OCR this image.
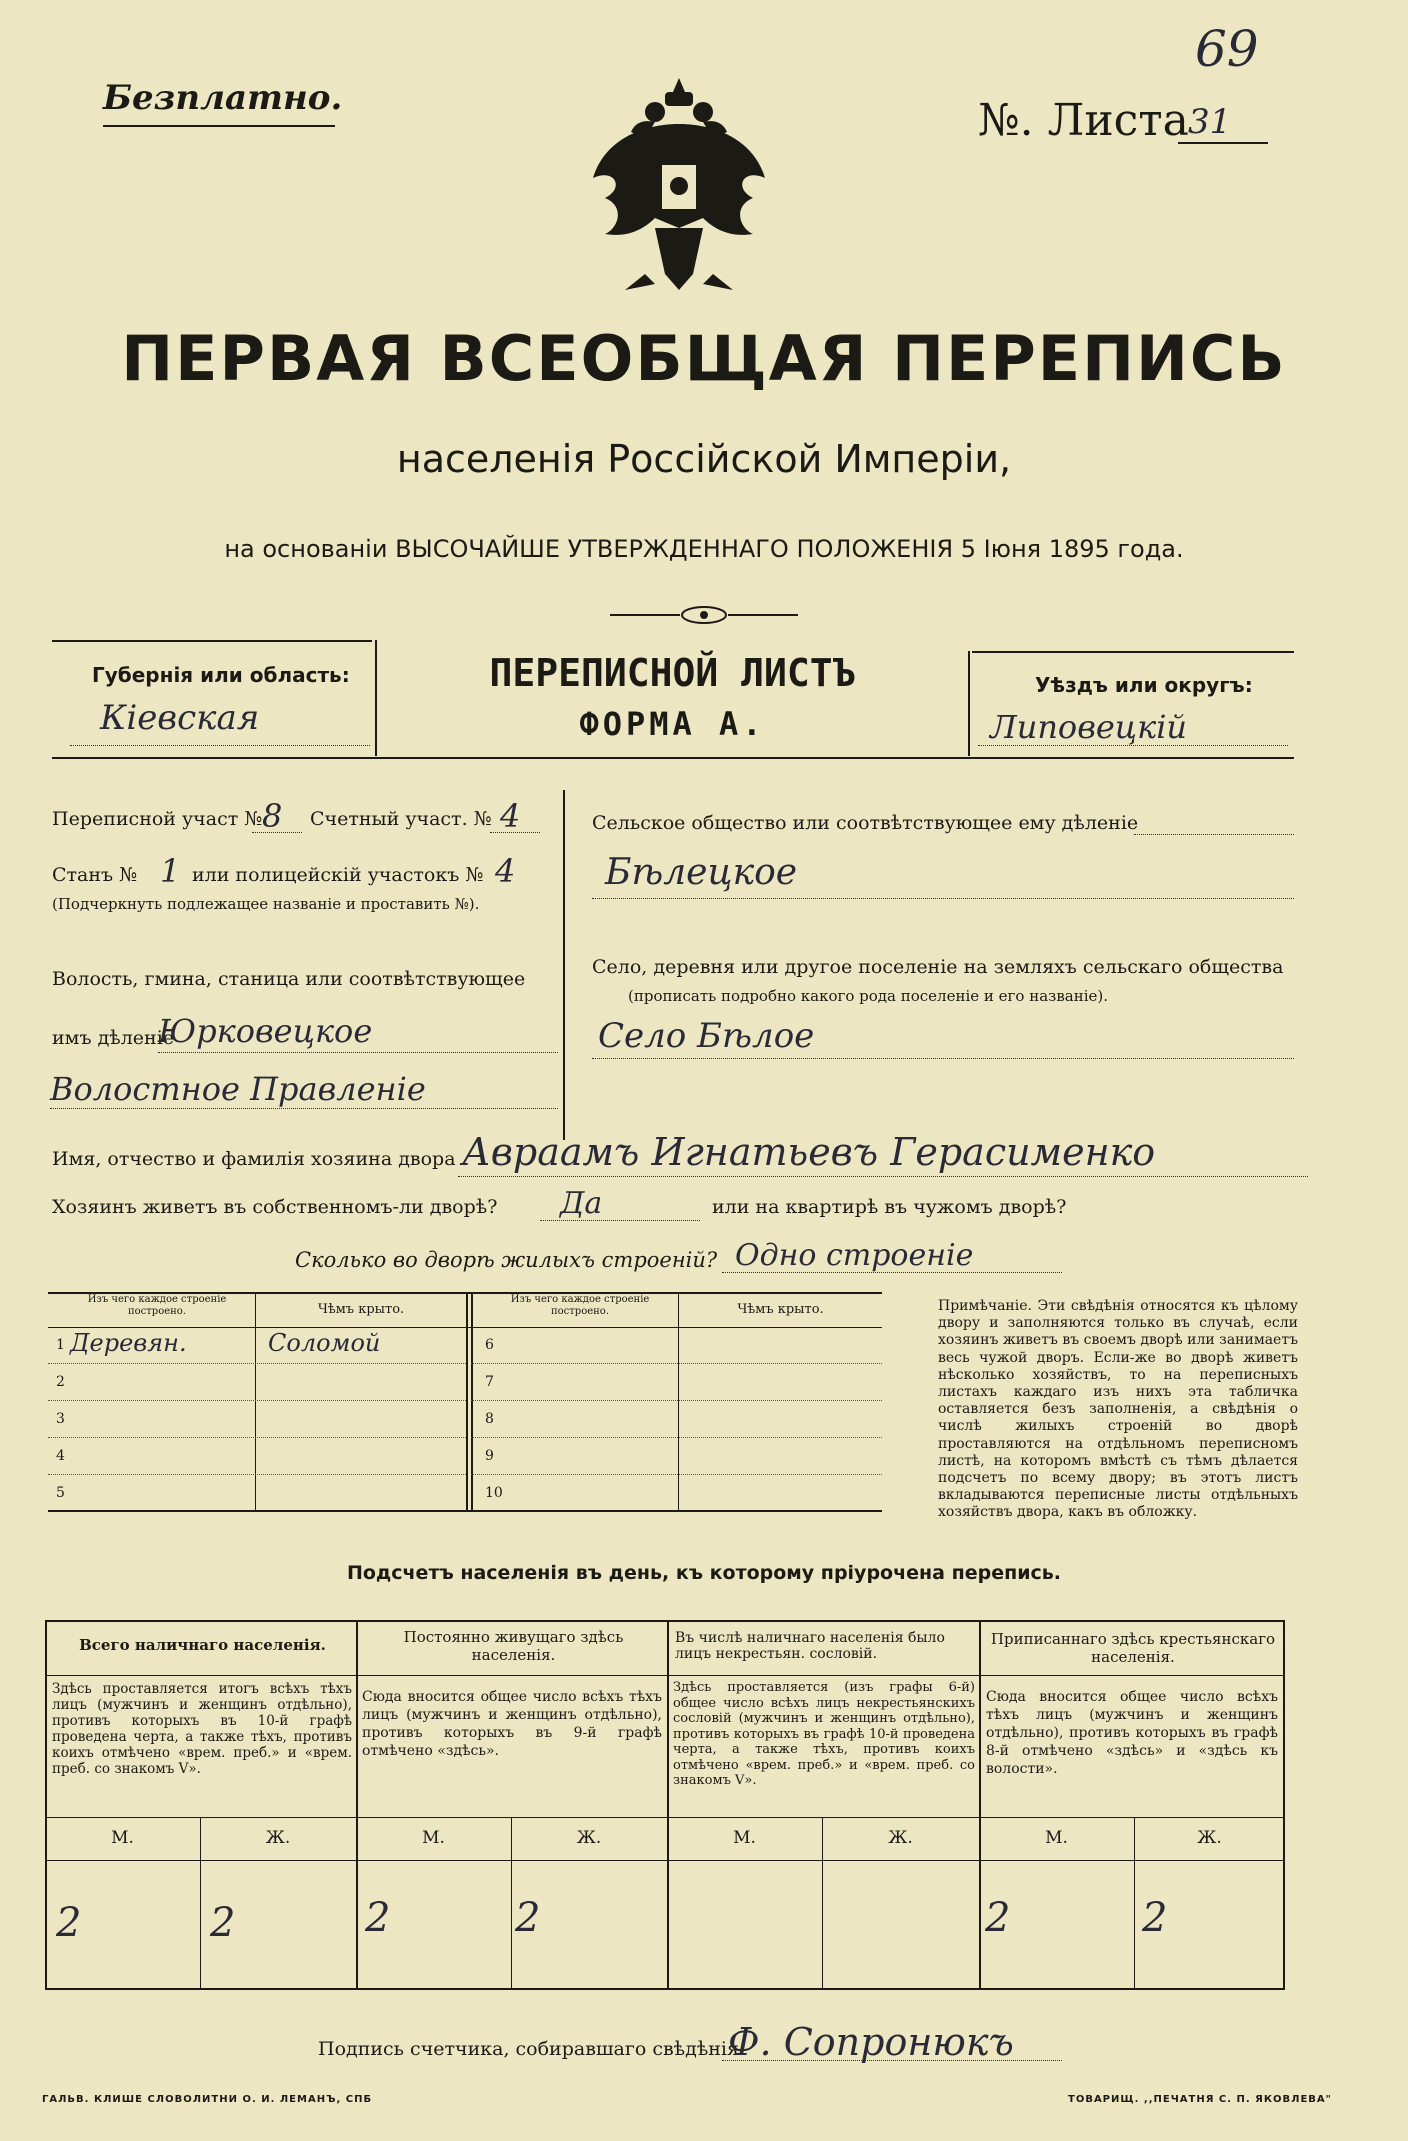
69
Безплатно.	№. Листа 31
ПЕРВАЯ ВСЕОБЩАЯ ПЕРЕПИСЬ
населенія Россійской Имперіи,
на основаніи ВЫСОЧАЙШЕ УТВЕРЖДЕННАГО ПОЛОЖЕНІЯ 5 Іюня 1895 года.
Губернія или область:
Кіевская
ПЕРЕПИСНОЙ ЛИСТЪ
ФОРМА А.
Уѣздъ или округъ:
Липовецкій
Переписной участ № 8 Счетный участ. № 4
Станъ № 1 или полицейскій участокъ № 4
(Подчеркнуть подлежащее названіе и проставить №).
Волость, гмина, станица или соотвѣтствующее
имъ дѣленіе
Юрковецкое
Волостное Правленіе
Сельское общество или соотвѣтствующее ему дѣленіе
Бѣлецкое
Село, деревня или другое поселеніе на земляхъ сельскаго общества
(прописать подробно какого рода поселеніе и его названіе).
Село Бѣлое
Имя, отчество и фамилія хозяина двора Авраамъ Игнатьевъ Герасименко
Хозяинъ живетъ въ собственномъ-ли дворѣ? Да	или на квартирѣ въ чужомъ дворѣ?
Сколько во дворѣ жилыхъ строеній? Одно строеніе
Изъ чего каждое строеніе построено.	Чѣмъ крыто.
Изъ чего каждое строеніе построено.	Чѣмъ крыто.
1 Деревян.	Соломой
2
3
4
5
6
7
8
9
10
Примѣчаніе. Эти свѣдѣнія относятся къ цѣлому двору и заполняются только въ случаѣ, если хозяинъ живетъ въ своемъ дворѣ или занимаетъ весь чужой дворъ. Если-же во дворѣ живетъ нѣсколько хозяйствъ, то на переписныхъ листахъ каждаго изъ нихъ эта табличка оставляется безъ заполненія, а свѣдѣнія о числѣ жилыхъ строеній во дворѣ проставляются на отдѣльномъ переписномъ листѣ, на которомъ вмѣстѣ съ тѣмъ дѣлается подсчетъ по всему двору; въ этотъ листъ вкладываются переписные листы отдѣльныхъ хозяйствъ двора, какъ въ обложку.
Подсчетъ населенія въ день, къ которому пріурочена перепись.
Всего наличнаго населенія.
Здѣсь проставляется итогъ всѣхъ тѣхъ лицъ (мужчинъ и женщинъ отдѣльно), противъ которыхъ въ 10-й графѣ проведена черта, а также тѣхъ, противъ коихъ отмѣчено «врем. преб.» и «врем. преб. со знакомъ V».
М.	Ж.
2	2
Постоянно живущаго здѣсь населенія.
Сюда вносится общее число всѣхъ тѣхъ лицъ (мужчинъ и женщинъ отдѣльно), противъ которыхъ въ 9-й графѣ отмѣчено «здѣсь».
М.	Ж.
2	2
Въ числѣ наличнаго населенія было лицъ некрестьян. сословій.
Здѣсь проставляется (изъ графы 6-й) общее число всѣхъ лицъ некрестьянскихъ сословій (мужчинъ и женщинъ отдѣльно), противъ которыхъ въ графѣ 10-й проведена черта, а также тѣхъ, противъ коихъ отмѣчено «врем. преб.» и «врем. преб. со знакомъ V».
М.	Ж.
Приписаннаго здѣсь крестьянскаго населенія.
Сюда вносится общее число всѣхъ тѣхъ лицъ (мужчинъ и женщинъ отдѣльно), противъ которыхъ въ графѣ 8-й отмѣчено «здѣсь» и «здѣсь къ волости».
М.	Ж.
2	2
Подпись счетчика, собиравшаго свѣдѣнія
Ф. Сопронюкъ
ГАЛЬВ. КЛИШЕ СЛОВОЛИТНИ О. И. ЛЕМАНЪ, СПБ	ТОВАРИЩ. ,,ПЕЧАТНЯ С. П. ЯКОВЛЕВА"
